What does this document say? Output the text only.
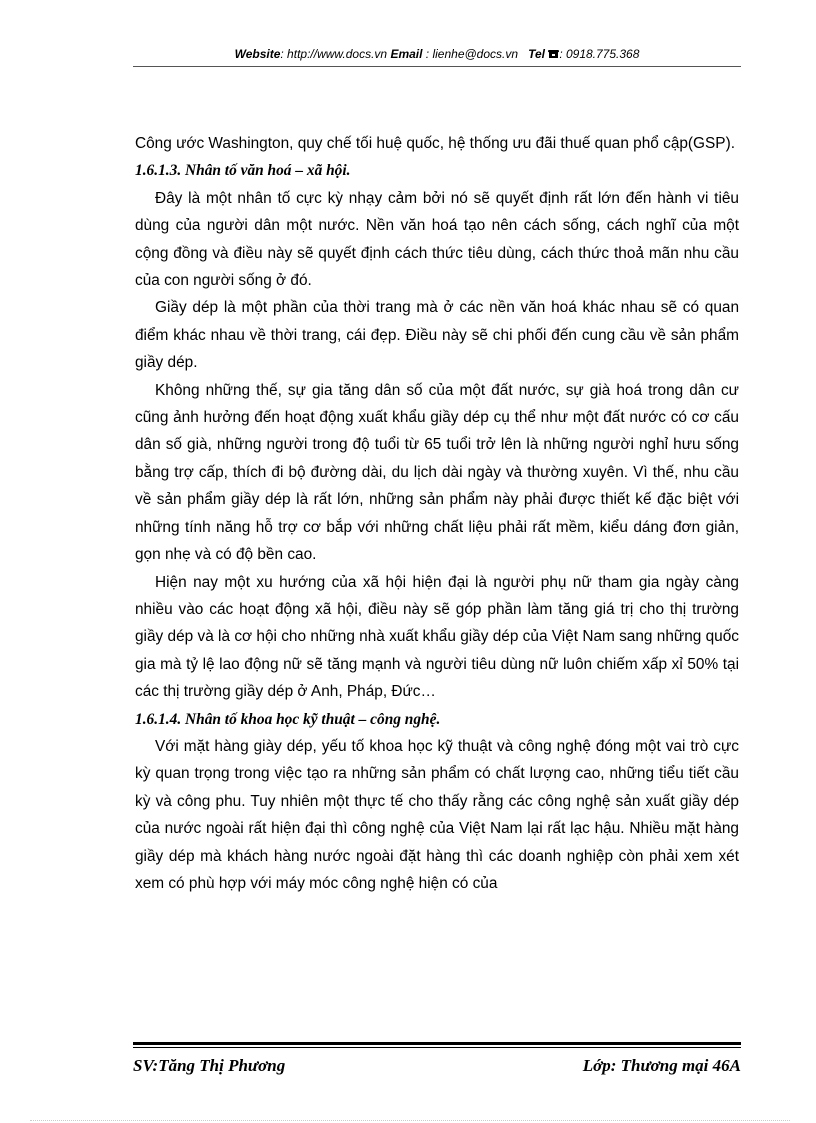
Website: http://www.docs.vn Email : lienhe@docs.vn Tel : 0918.775.368

Công ước Washington, quy chế tối huệ quốc, hệ thống ưu đãi thuế quan phổ cập(GSP).

1.6.1.3. Nhân tố văn hoá – xã hội.

Đây là một nhân tố cực kỳ nhạy cảm bởi nó sẽ quyết định rất lớn đến hành vi tiêu dùng của người dân một nước. Nền văn hoá tạo nên cách sống, cách nghĩ của một cộng đồng và điều này sẽ quyết định cách thức tiêu dùng, cách thức thoả mãn nhu cầu của con người sống ở đó.

Giầy dép là một phần của thời trang mà ở các nền văn hoá khác nhau sẽ có quan điểm khác nhau về thời trang, cái đẹp. Điều này sẽ chi phối đến cung cầu về sản phẩm giầy dép.

Không những thế, sự gia tăng dân số của một đất nước, sự già hoá trong dân cư cũng ảnh hưởng đến hoạt động xuất khẩu giầy dép cụ thể như một đất nước có cơ cấu dân số già, những người trong độ tuổi từ 65 tuổi trở lên là những người nghỉ hưu sống bằng trợ cấp, thích đi bộ đường dài, du lịch dài ngày và thường xuyên. Vì thế, nhu cầu về sản phẩm giầy dép là rất lớn, những sản phẩm này phải được thiết kế đặc biệt với những tính năng hỗ trợ cơ bắp với những chất liệu phải rất mềm, kiểu dáng đơn giản, gọn nhẹ và có độ bền cao.

Hiện nay một xu hướng của xã hội hiện đại là người phụ nữ tham gia ngày càng nhiều vào các hoạt động xã hội, điều này sẽ góp phần làm tăng giá trị cho thị trường giầy dép và là cơ hội cho những nhà xuất khẩu giầy dép của Việt Nam sang những quốc gia mà tỷ lệ lao động nữ sẽ tăng mạnh và người tiêu dùng nữ luôn chiếm xấp xỉ 50% tại các thị trường giầy dép ở Anh, Pháp, Đức…

1.6.1.4. Nhân tố khoa học kỹ thuật – công nghệ.

Với mặt hàng giày dép, yếu tố khoa học kỹ thuật và công nghệ đóng một vai trò cực kỳ quan trọng trong việc tạo ra những sản phẩm có chất lượng cao, những tiểu tiết cầu kỳ và công phu. Tuy nhiên một thực tế cho thấy rằng các công nghệ sản xuất giầy dép của nước ngoài rất hiện đại thì công nghệ của Việt Nam lại rất lạc hậu. Nhiều mặt hàng giầy dép mà khách hàng nước ngoài đặt hàng thì các doanh nghiệp còn phải xem xét xem có phù hợp với máy móc công nghệ hiện có của

SV:Tăng Thị Phương	Lớp: Thương mại 46A
